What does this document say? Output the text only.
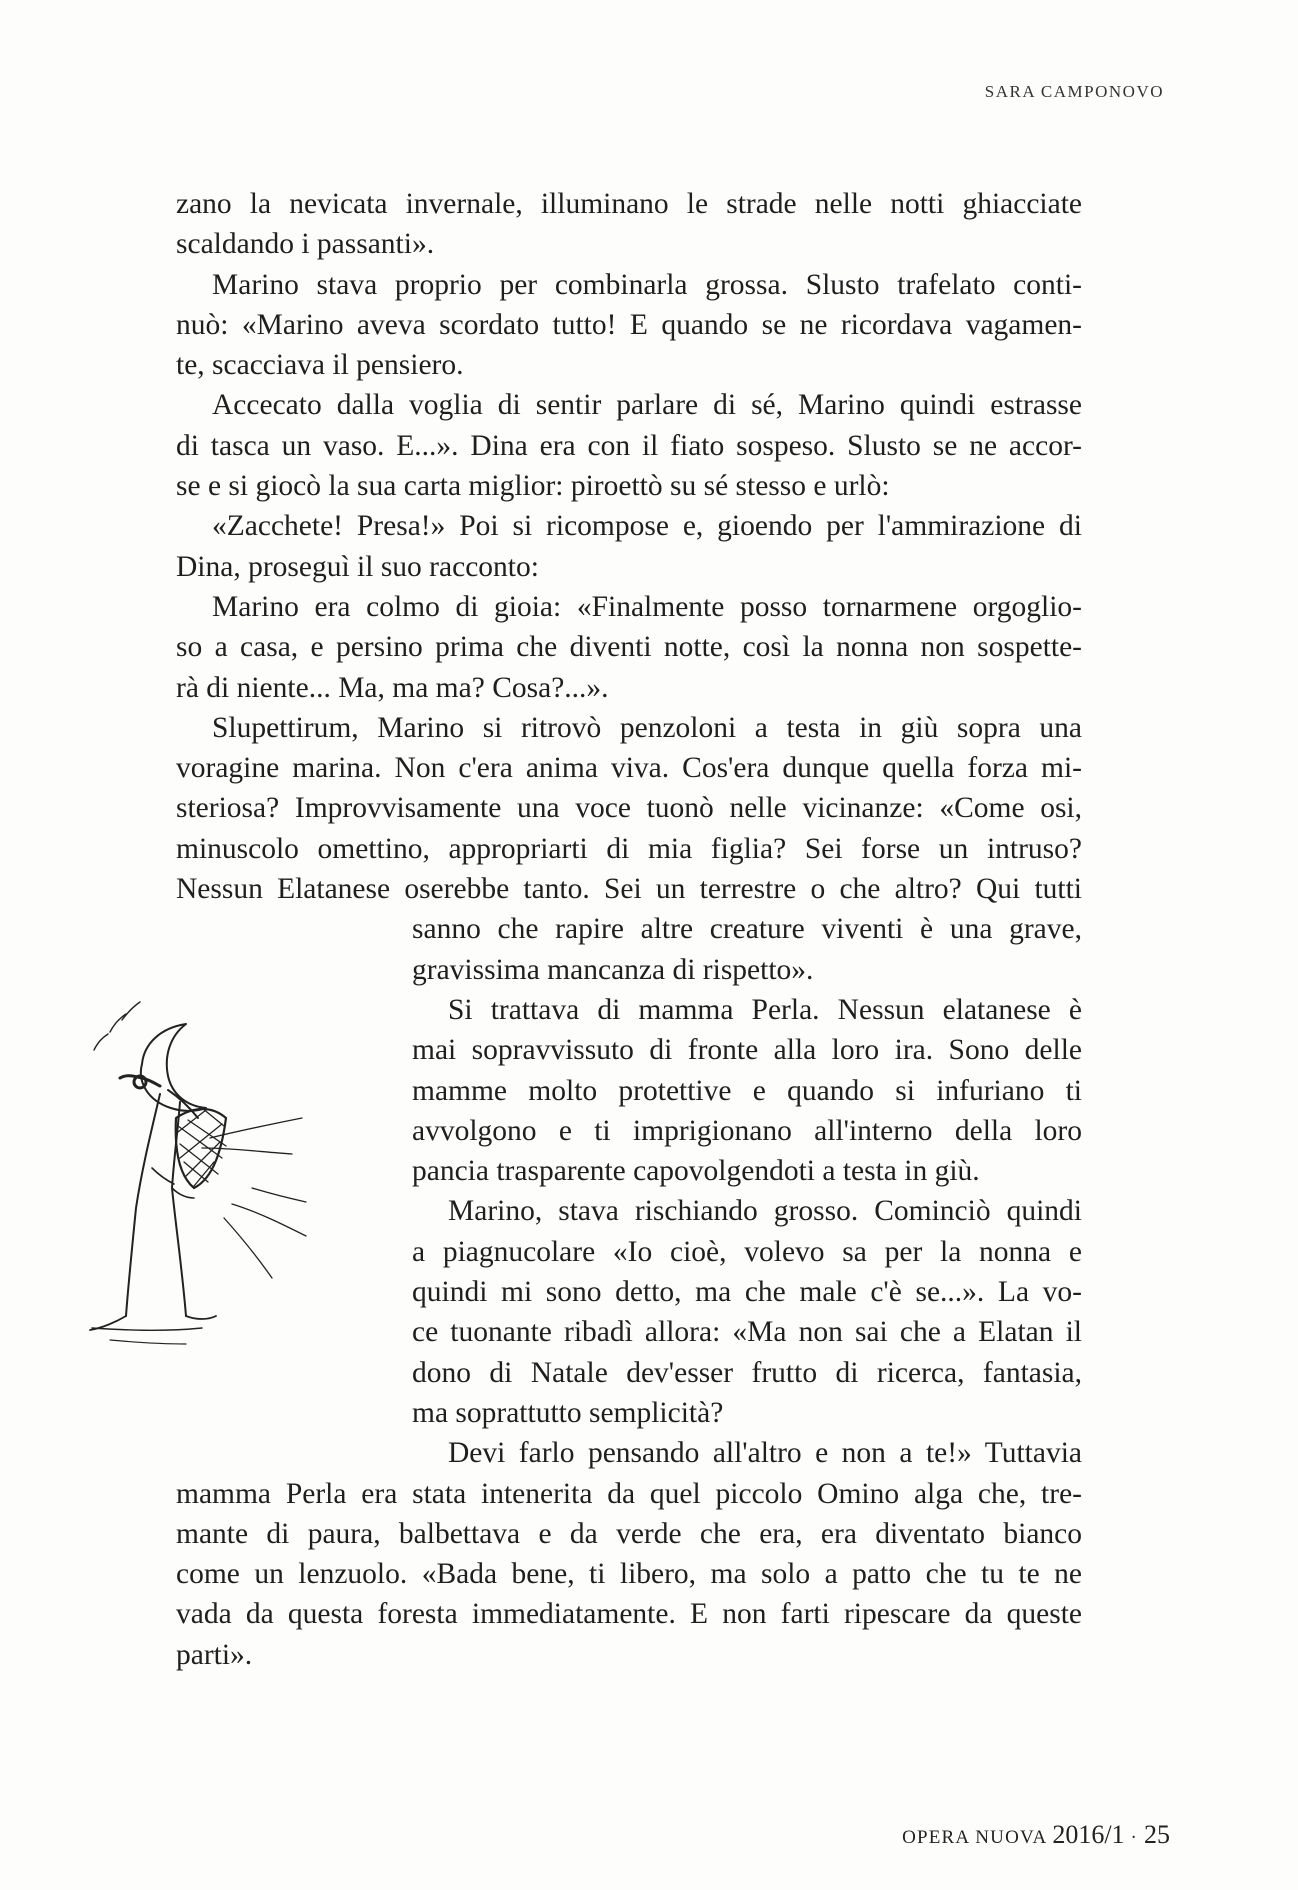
SARA CAMPONOVO
zano la nevicata invernale, illuminano le strade nelle notti ghiacciate
scaldando i passanti».
Marino stava proprio per combinarla grossa. Slusto trafelato conti-
nuò: «Marino aveva scordato tutto! E quando se ne ricordava vagamen-
te, scacciava il pensiero.
Accecato dalla voglia di sentir parlare di sé, Marino quindi estrasse
di tasca un vaso. E...». Dina era con il fiato sospeso. Slusto se ne accor-
se e si giocò la sua carta miglior: piroettò su sé stesso e urlò:
«Zacchete! Presa!» Poi si ricompose e, gioendo per l'ammirazione di
Dina, proseguì il suo racconto:
Marino era colmo di gioia: «Finalmente posso tornarmene orgoglio-
so a casa, e persino prima che diventi notte, così la nonna non sospette-
rà di niente... Ma, ma ma? Cosa?...».
Slupettirum, Marino si ritrovò penzoloni a testa in giù sopra una
voragine marina. Non c'era anima viva. Cos'era dunque quella forza mi-
steriosa? Improvvisamente una voce tuonò nelle vicinanze: «Come osi,
minuscolo omettino, appropriarti di mia figlia? Sei forse un intruso?
Nessun Elatanese oserebbe tanto. Sei un terrestre o che altro? Qui tutti
sanno che rapire altre creature viventi è una grave,
gravissima mancanza di rispetto».
Si trattava di mamma Perla. Nessun elatanese è
mai sopravvissuto di fronte alla loro ira. Sono delle
mamme molto protettive e quando si infuriano ti
avvolgono e ti imprigionano all'interno della loro
pancia trasparente capovolgendoti a testa in giù.
Marino, stava rischiando grosso. Cominciò quindi
a piagnucolare «Io cioè, volevo sa per la nonna e
quindi mi sono detto, ma che male c'è se...». La vo-
ce tuonante ribadì allora: «Ma non sai che a Elatan il
dono di Natale dev'esser frutto di ricerca, fantasia,
ma soprattutto semplicità?
Devi farlo pensando all'altro e non a te!» Tuttavia
mamma Perla era stata intenerita da quel piccolo Omino alga che, tre-
mante di paura, balbettava e da verde che era, era diventato bianco
come un lenzuolo. «Bada bene, ti libero, ma solo a patto che tu te ne
vada da questa foresta immediatamente. E non farti ripescare da queste
parti».
OPERA NUOVA 2016/1 · 25
